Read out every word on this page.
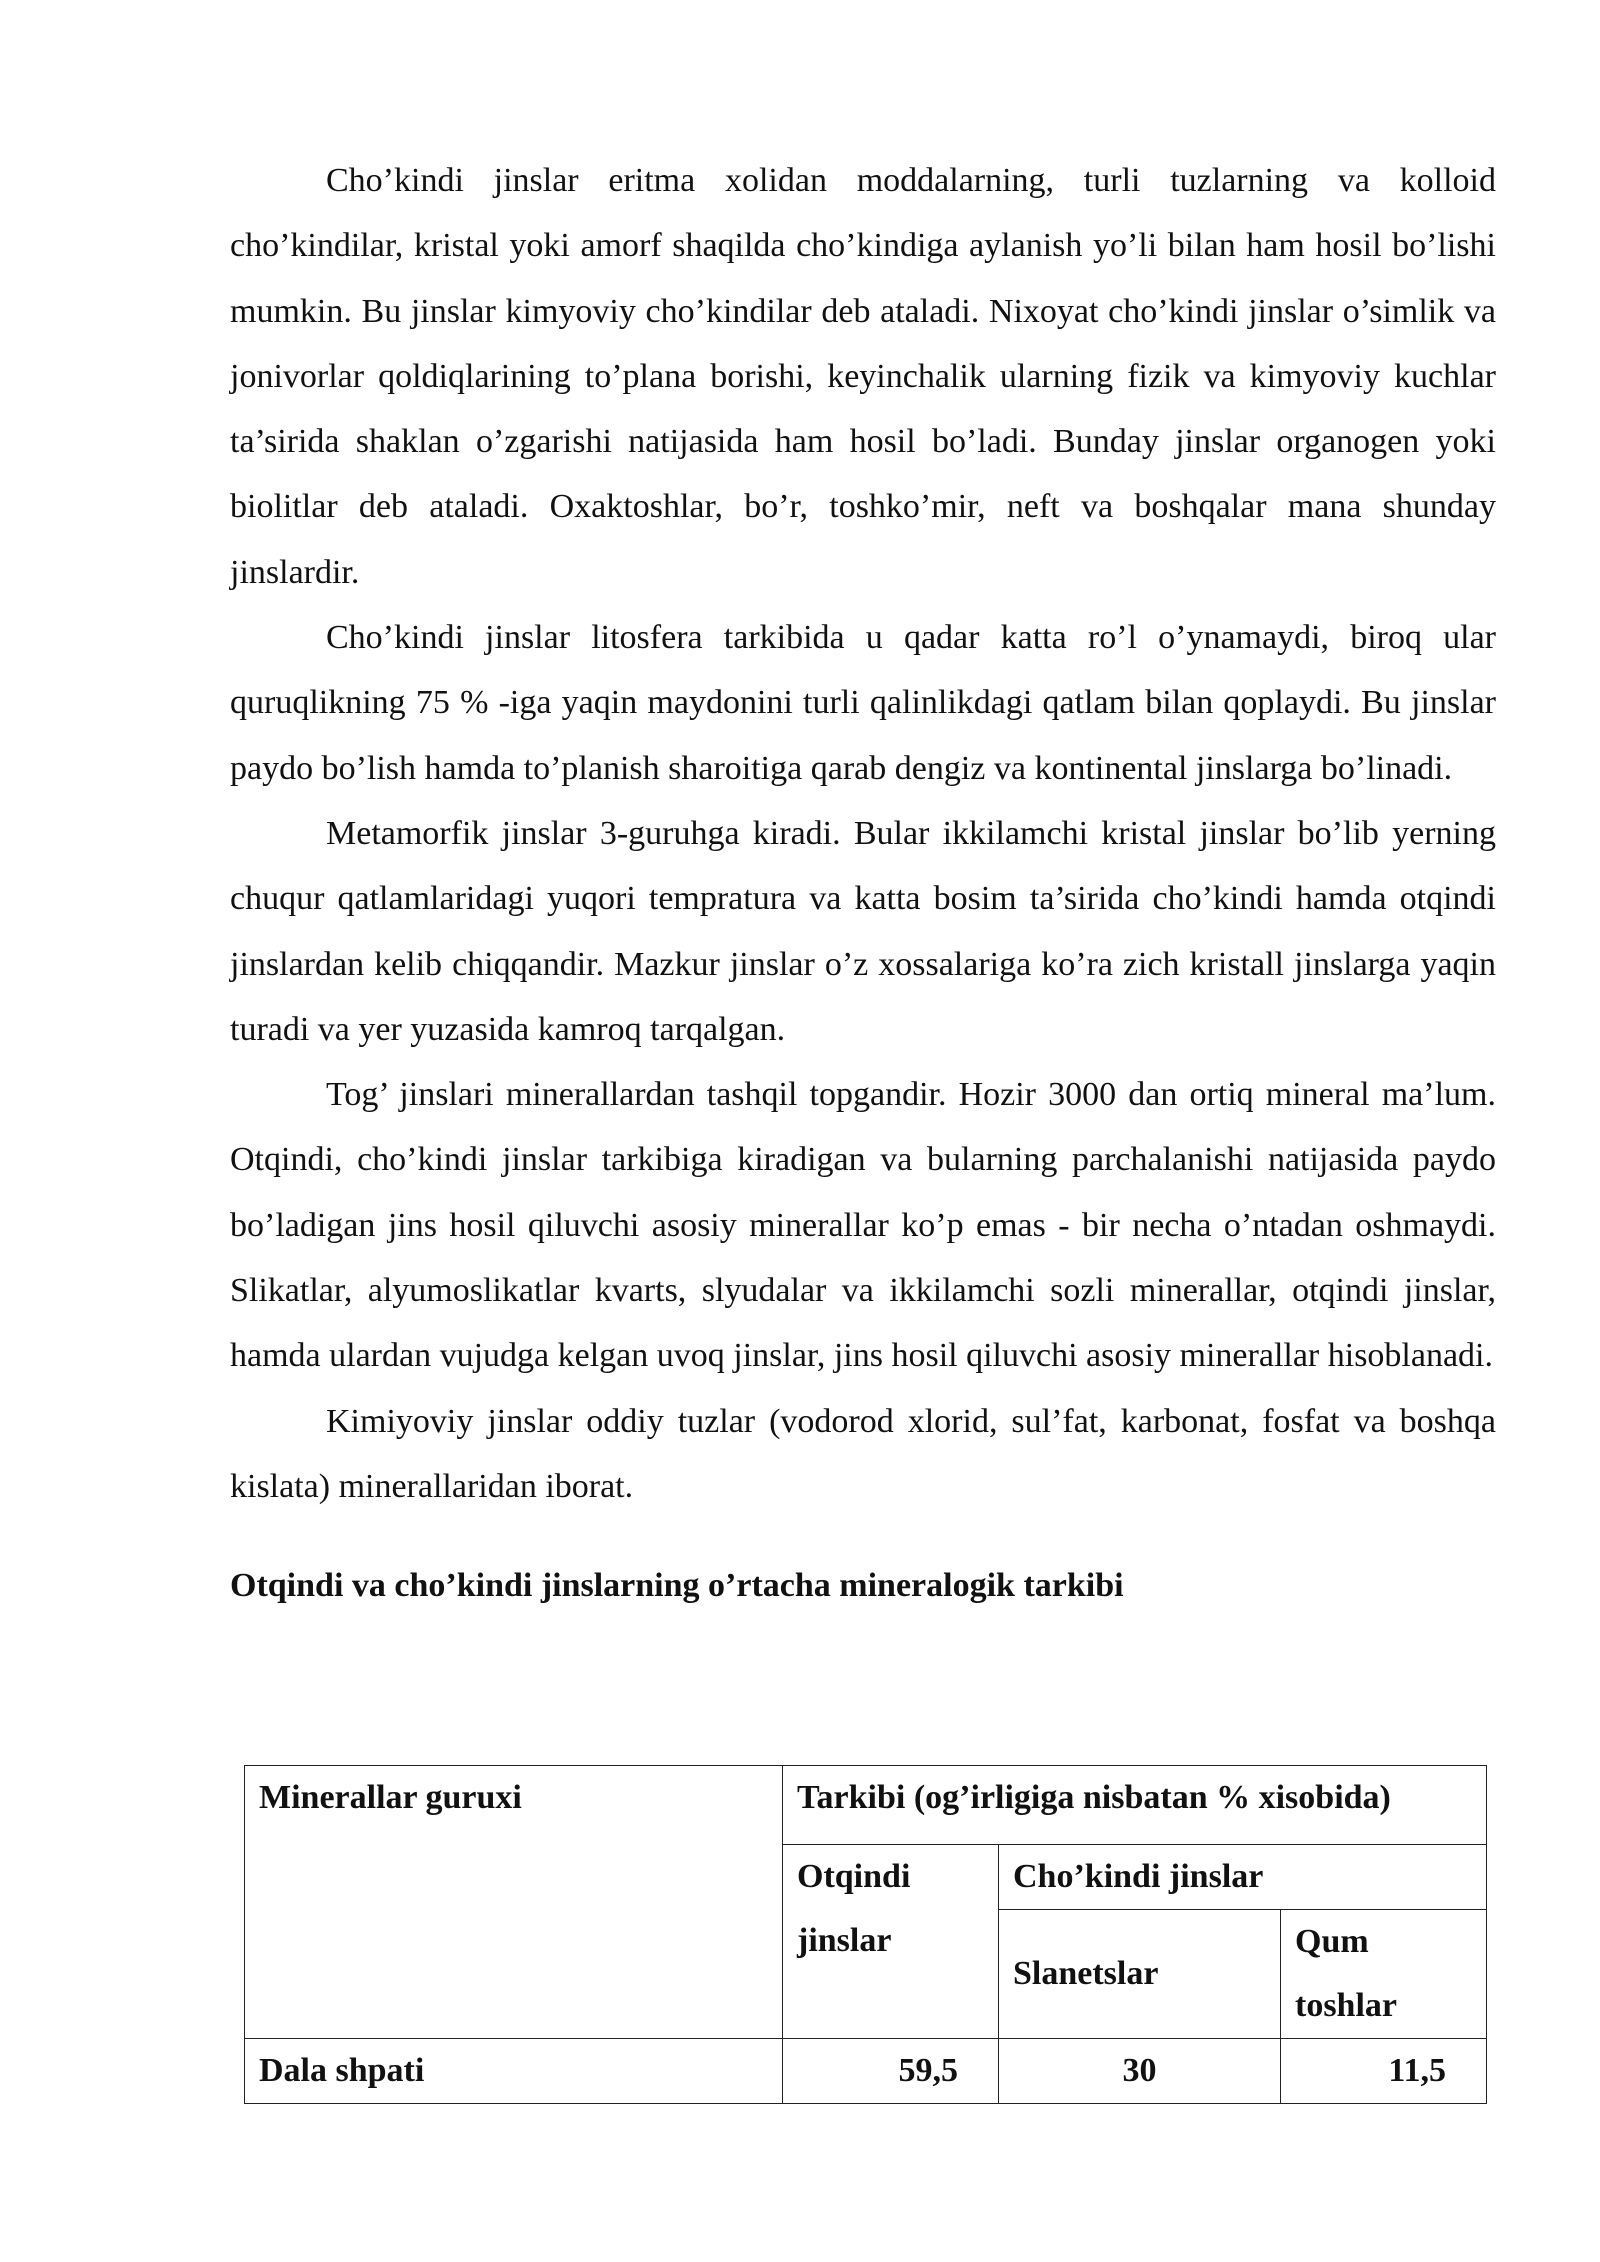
Cho’kindi jinslar eritma xolidan moddalarning, turli tuzlarning va kolloid cho’kindilar, kristal yoki amorf shaqilda cho’kindiga aylanish yo’li bilan ham hosil bo’lishi mumkin. Bu jinslar kimyoviy cho’kindilar deb ataladi. Nixoyat cho’kindi jinslar o’simlik va jonivorlar qoldiqlarining to’plana borishi, keyinchalik ularning fizik va kimyoviy kuchlar ta’sirida shaklan o’zgarishi natijasida ham hosil bo’ladi. Bunday jinslar organogen yoki biolitlar deb ataladi. Oxaktoshlar, bo’r, toshko’mir, neft va boshqalar mana shunday jinslardir.

Cho’kindi jinslar litosfera tarkibida u qadar katta ro’l o’ynamaydi, biroq ular quruqlikning 75 % -iga yaqin maydonini turli qalinlikdagi qatlam bilan qoplaydi. Bu jinslar paydo bo’lish hamda to’planish sharoitiga qarab dengiz va kontinental jinslarga bo’linadi.

Metamorfik jinslar 3-guruhga kiradi. Bular ikkilamchi kristal jinslar bo’lib yerning chuqur qatlamlaridagi yuqori tempratura va katta bosim ta’sirida cho’kindi hamda otqindi jinslardan kelib chiqqandir. Mazkur jinslar o’z xossalariga ko’ra zich kristall jinslarga yaqin turadi va yer yuzasida kamroq tarqalgan.

Tog’ jinslari minerallardan tashqil topgandir. Hozir 3000 dan ortiq mineral ma’lum. Otqindi, cho’kindi jinslar tarkibiga kiradigan va bularning parchalanishi natijasida paydo bo’ladigan jins hosil qiluvchi asosiy minerallar ko’p emas - bir necha o’ntadan oshmaydi. Slikatlar, alyumoslikatlar kvarts, slyudalar va ikkilamchi sozli minerallar, otqindi jinslar, hamda ulardan vujudga kelgan uvoq jinslar, jins hosil qiluvchi asosiy minerallar hisoblanadi.

Kimiyoviy jinslar oddiy tuzlar (vodorod xlorid, sul’fat, karbonat, fosfat va boshqa kislata) minerallaridan iborat.

Otqindi va cho’kindi jinslarning o’rtacha mineralogik tarkibi

Minerallar guruxi	Tarkibi (og’irligiga nisbatan % xisobida)		
	Otqindi jinslar	Cho’kindi jinslar	
		Slanetslar	Qum toshlar
Dala shpati	59,5	30	11,5
